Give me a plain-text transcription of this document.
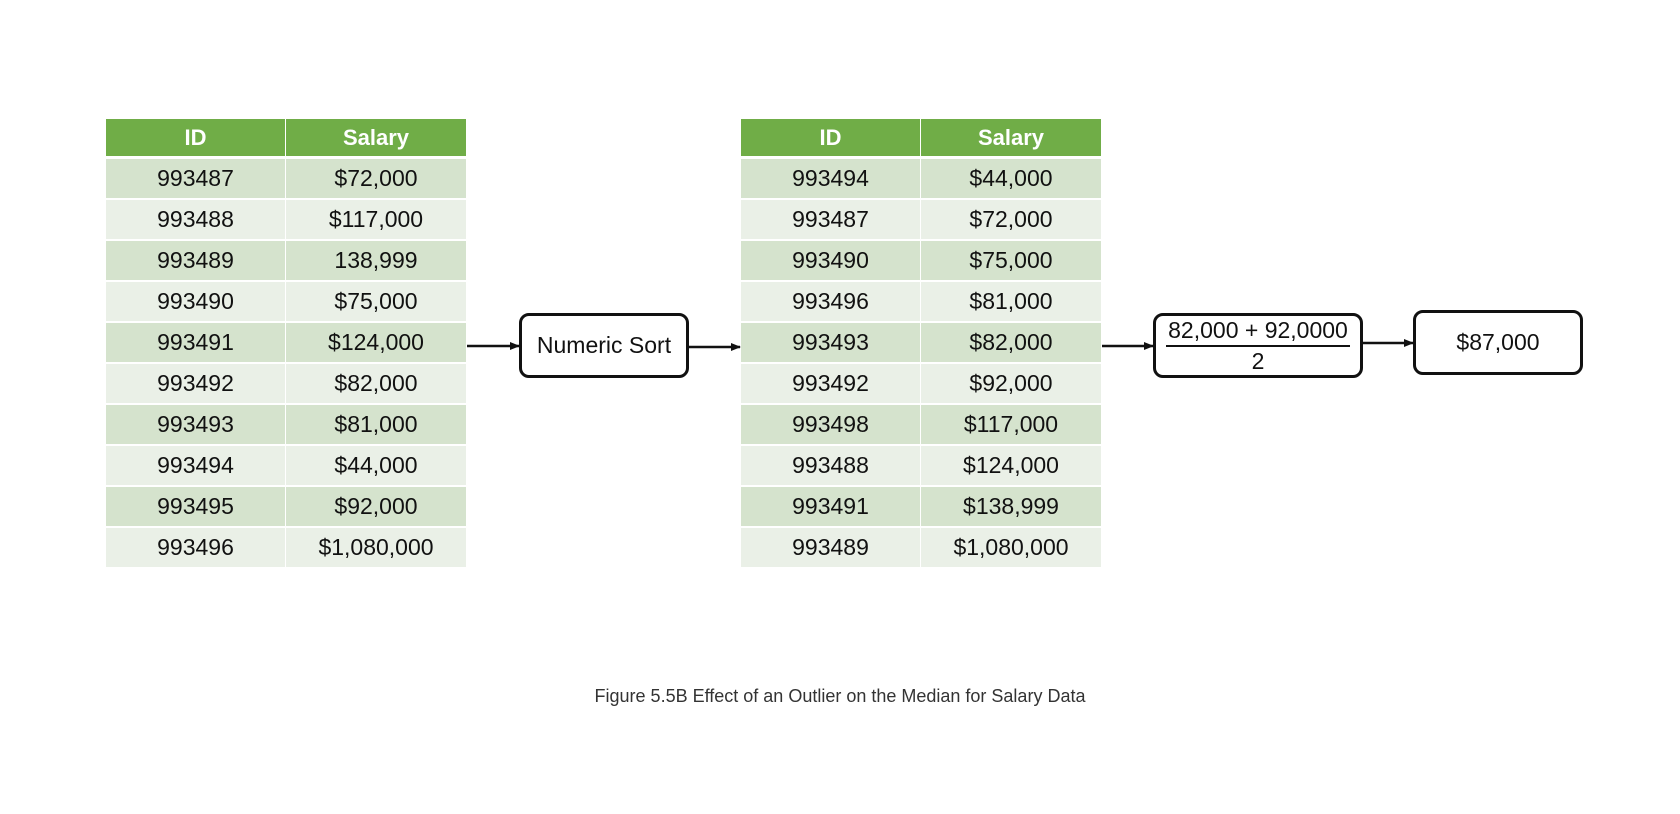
ID	Salary
993487	$72,000
993488	$117,000
993489	138,999
993490	$75,000
993491	$124,000
993492	$82,000
993493	$81,000
993494	$44,000
993495	$92,000
993496	$1,080,000
Numeric Sort
ID	Salary
993494	$44,000
993487	$72,000
993490	$75,000
993496	$81,000
993493	$82,000
993492	$92,000
993498	$117,000
993488	$124,000
993491	$138,999
993489	$1,080,000
$\frac{82,000 + 92,0000}{2}$	$87,000
Figure 5.5B Effect of an Outlier on the Median for Salary Data
